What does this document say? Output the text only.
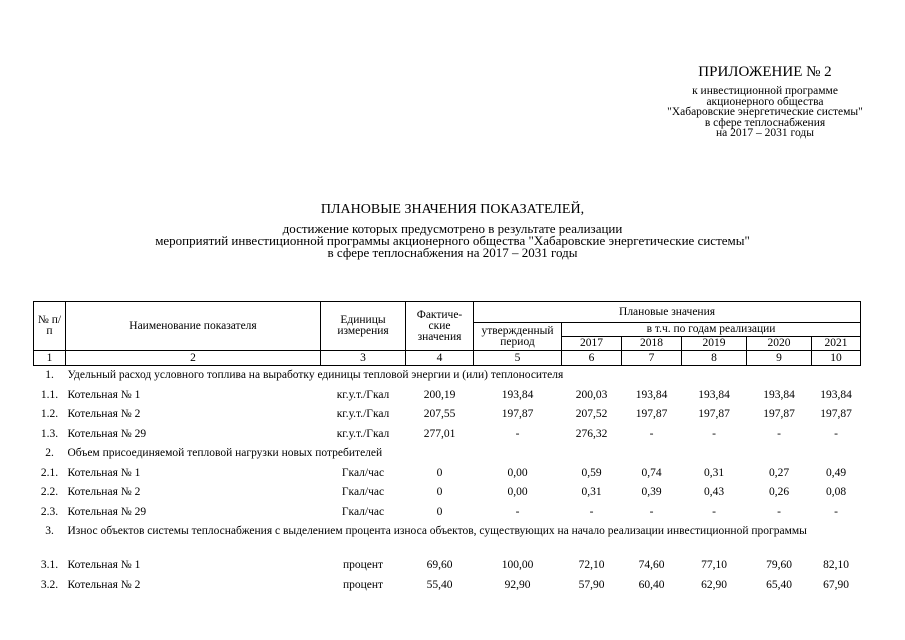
ПРИЛОЖЕНИЕ № 2
к инвестиционной программе
акционерного общества
"Хабаровские энергетические системы"
в сфере теплоснабжения
на 2017 – 2031 годы
ПЛАНОВЫЕ ЗНАЧЕНИЯ ПОКАЗАТЕЛЕЙ,
достижение которых предусмотрено в результате реализации
мероприятий инвестиционной программы акционерного общества "Хабаровские энергетические системы"
в сфере теплоснабжения на 2017 – 2031 годы
№ п/п	Наименование показателя	Единицы измерения	Фактиче-ские значения	Плановые значения					
				утвержденный период	в т.ч. по годам реализации				
					2017	2018	2019	2020	2021
1	2	3	4	5	6	7	8	9	10
1.	Удельный расход условного топлива на выработку единицы тепловой энергии и (или) теплоносителя								
1.1.	Котельная № 1	кг.у.т./Гкал	200,19	193,84	200,03	193,84	193,84	193,84	193,84
1.2.	Котельная № 2	кг.у.т./Гкал	207,55	197,87	207,52	197,87	197,87	197,87	197,87
1.3.	Котельная № 29	кг.у.т./Гкал	277,01	-	276,32	-	-	-	-
2.	Объем присоединяемой тепловой нагрузки новых потребителей								
2.1.	Котельная № 1	Гкал/час	0	0,00	0,59	0,74	0,31	0,27	0,49
2.2.	Котельная № 2	Гкал/час	0	0,00	0,31	0,39	0,43	0,26	0,08
2.3.	Котельная № 29	Гкал/час	0	-	-	-	-	-	-
3.	Износ объектов системы теплоснабжения с выделением процента износа объектов, существующих на начало реализации инвестиционной программы								
3.1.	Котельная № 1	процент	69,60	100,00	72,10	74,60	77,10	79,60	82,10
3.2.	Котельная № 2	процент	55,40	92,90	57,90	60,40	62,90	65,40	67,90
